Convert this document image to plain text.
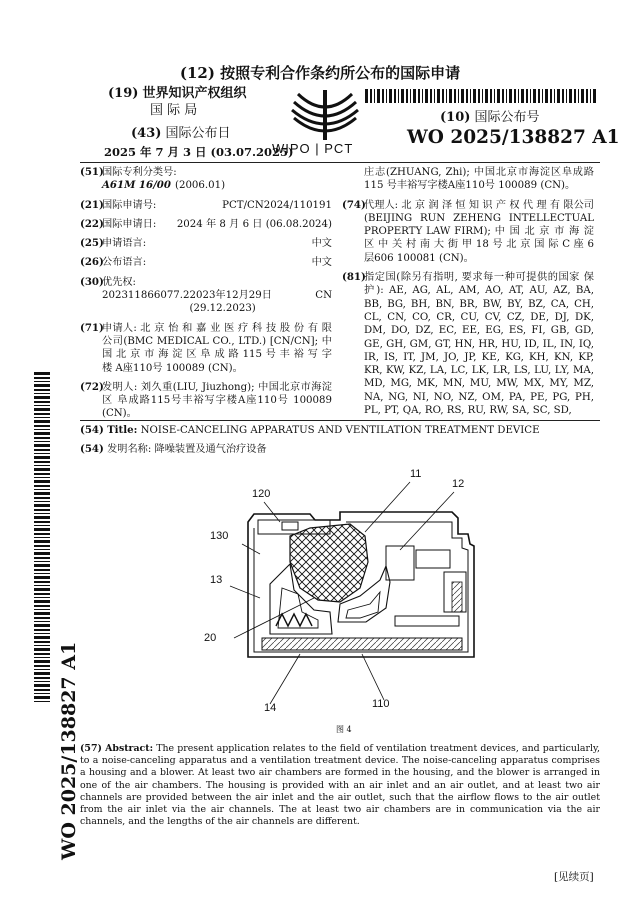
(12) 按照专利合作条约所公布的国际申请
(19) 世界知识产权组织
国 际 局
(43) 国际公布日
2025 年 7 月 3 日 (03.07.2025)
WIPO | PCT
(10) 国际公布号
WO 2025/138827 A1
(51)
国际专利分类号:
A61M 16/00 (2006.01)
(21)
国际申请号:	PCT/CN2024/110191
(22)
国际申请日: 2024 年 8 月 6 日 (06.08.2024)
(25)
申请语言:	中文
(26)
公布语言:	中文
(30)
优先权:
202311866077.2 2023年12月29日 (29.12.2023)
CN
(71)
申请人: 北 京 怡 和 嘉 业 医 疗 科 技 股 份 有 限公司(BMC MEDICAL CO., LTD.) [CN/CN]; 中国 北 京 市 海 淀 区 阜 成 路 115 号 丰 裕 写 字 楼 A座110号 100089 (CN)。
(72)
发明人: 刘久重(LIU, Jiuzhong); 中国北京市海淀区 阜成路115号丰裕写字楼A座110号 100089 (CN)。
庄志(ZHUANG, Zhi); 中国北京市海淀区阜成路115 号丰裕写字楼A座110号 100089 (CN)。
(74)
代理人: 北 京 润 泽 恒 知 识 产 权 代 理 有 限公司(BEIJING RUN ZEHENG INTELLECTUAL PROPERTY LAW FIRM); 中 国 北 京 市 海 淀 区 中 关 村 南 大 街 甲 18 号 北 京 国 际 C 座 6层606 100081 (CN)。
(81)
指定国(除另有指明, 要求每一种可提供的国家 保护): AE, AG, AL, AM, AO, AT, AU, AZ, BA, BB, BG, BH, BN, BR, BW, BY, BZ, CA, CH, CL, CN, CO, CR, CU, CV, CZ, DE, DJ, DK, DM, DO, DZ, EC, EE, EG, ES, FI, GB, GD, GE, GH, GM, GT, HN, HR, HU, ID, IL, IN, IQ, IR, IS, IT, JM, JO, JP, KE, KG, KH, KN, KP, KR, KW, KZ, LA, LC, LK, LR, LS, LU, LY, MA, MD, MG, MK, MN, MU, MW, MX, MY, MZ, NA, NG, NI, NO, NZ, OM, PA, PE, PG, PH, PL, PT, QA, RO, RS, RU, RW, SA, SC, SD,
WO 2025/138827 A1
(54) Title: NOISE-CANCELING APPARATUS AND VENTILATION TREATMENT DEVICE
(54) 发明名称: 降噪装置及通气治疗设备
11
12
120
130
13
20
14	110
图 4
(57) Abstract: The present application relates to the field of ventilation treatment devices, and particularly, to a noise-canceling apparatus and a ventilation treatment device. The noise-canceling apparatus comprises a housing and a blower. At least two air chambers are formed in the housing, and the blower is arranged in one of the air chambers. The housing is provided with an air inlet and an air outlet, and at least two air channels are provided between the air inlet and the air outlet, such that the airflow flows to the air outlet from the air inlet via the air channels. The at least two air chambers are in communication via the air channels, and the lengths of the air channels are different.
[见续页]
